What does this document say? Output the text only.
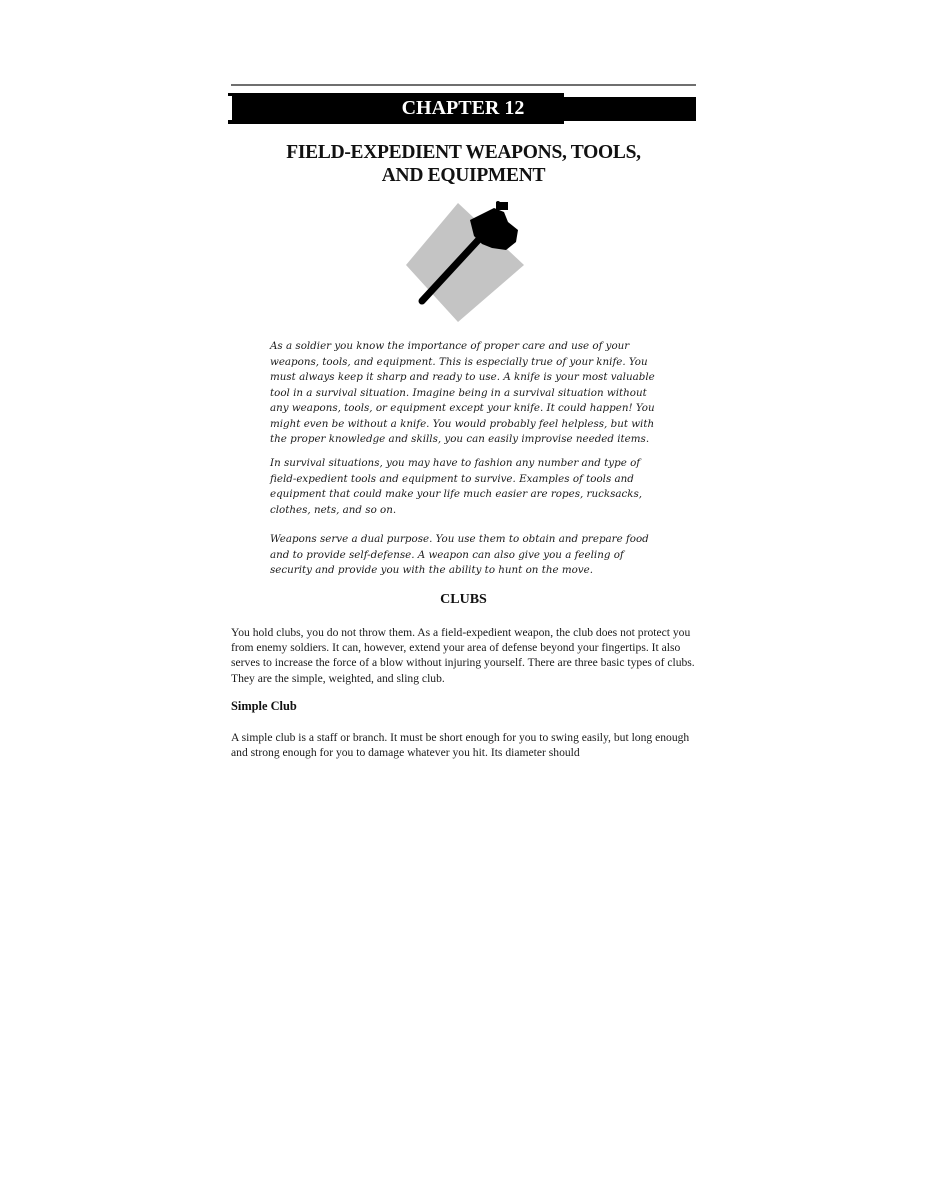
CHAPTER 12
FIELD-EXPEDIENT WEAPONS, TOOLS,
AND EQUIPMENT
As a soldier you know the importance of proper care and use of your weapons, tools, and equipment. This is especially true of your knife. You must always keep it sharp and ready to use. A knife is your most valuable tool in a survival situation. Imagine being in a survival situation without any weapons, tools, or equipment except your knife. It could happen! You might even be without a knife. You would probably feel helpless, but with the proper knowledge and skills, you can easily improvise needed items.
In survival situations, you may have to fashion any number and type of field-expedient tools and equipment to survive. Examples of tools and equipment that could make your life much easier are ropes, rucksacks, clothes, nets, and so on.
Weapons serve a dual purpose. You use them to obtain and prepare food and to provide self-defense. A weapon can also give you a feeling of security and provide you with the ability to hunt on the move.
CLUBS
You hold clubs, you do not throw them. As a field-expedient weapon, the club does not protect you from enemy soldiers. It can, however, extend your area of defense beyond your fingertips. It also serves to increase the force of a blow without injuring yourself. There are three basic types of clubs. They are the simple, weighted, and sling club.
Simple Club
A simple club is a staff or branch. It must be short enough for you to swing easily, but long enough and strong enough for you to damage whatever you hit. Its diameter should
